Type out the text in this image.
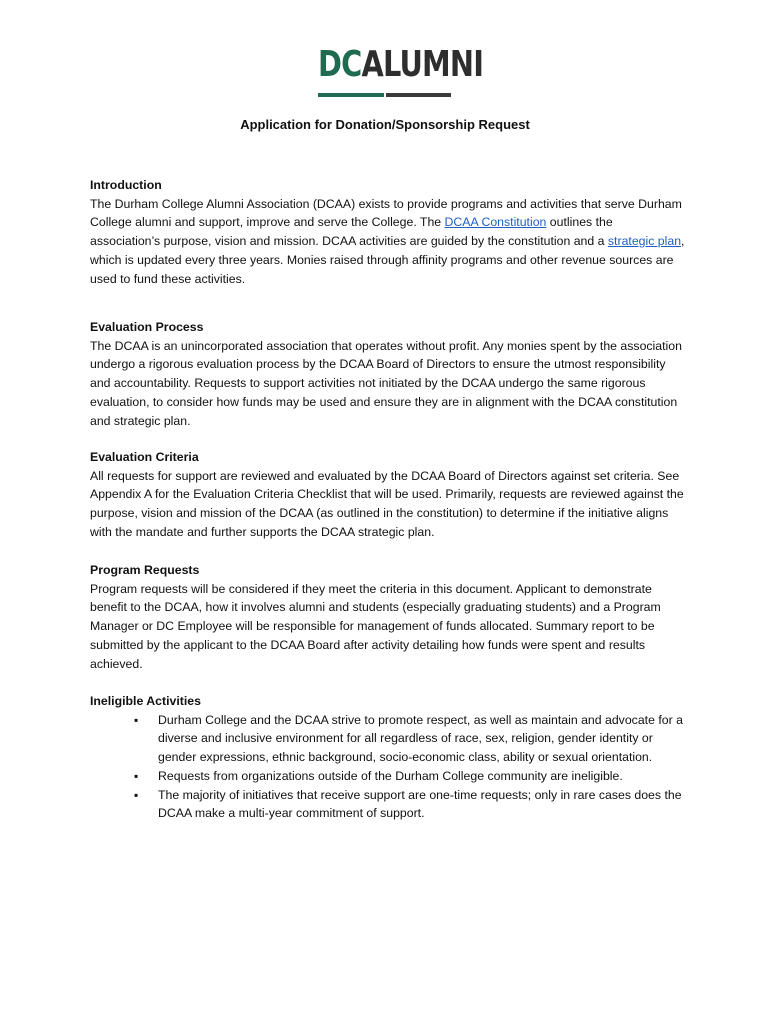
DCALUMNI
Application for Donation/Sponsorship Request
Introduction

The Durham College Alumni Association (DCAA) exists to provide programs and activities that serve Durham College alumni and support, improve and serve the College. The DCAA Constitution outlines the association’s purpose, vision and mission. DCAA activities are guided by the constitution and a strategic plan, which is updated every three years. Monies raised through affinity programs and other revenue sources are used to fund these activities.

Evaluation Process

The DCAA is an unincorporated association that operates without profit. Any monies spent by the association undergo a rigorous evaluation process by the DCAA Board of Directors to ensure the utmost responsibility and accountability. Requests to support activities not initiated by the DCAA undergo the same rigorous evaluation, to consider how funds may be used and ensure they are in alignment with the DCAA constitution and strategic plan.

Evaluation Criteria

All requests for support are reviewed and evaluated by the DCAA Board of Directors against set criteria. See Appendix A for the Evaluation Criteria Checklist that will be used. Primarily, requests are reviewed against the purpose, vision and mission of the DCAA (as outlined in the constitution) to determine if the initiative aligns with the mandate and further supports the DCAA strategic plan.

Program Requests

Program requests will be considered if they meet the criteria in this document. Applicant to demonstrate benefit to the DCAA, how it involves alumni and students (especially graduating students) and a Program Manager or DC Employee will be responsible for management of funds allocated. Summary report to be submitted by the applicant to the DCAA Board after activity detailing how funds were spent and results achieved.

Ineligible Activities
▪ Durham College and the DCAA strive to promote respect, as well as maintain and advocate for a diverse and inclusive environment for all regardless of race, sex, religion, gender identity or gender expressions, ethnic background, socio-economic class, ability or sexual orientation.
▪ Requests from organizations outside of the Durham College community are ineligible.
▪ The majority of initiatives that receive support are one-time requests; only in rare cases does the DCAA make a multi-year commitment of support.
